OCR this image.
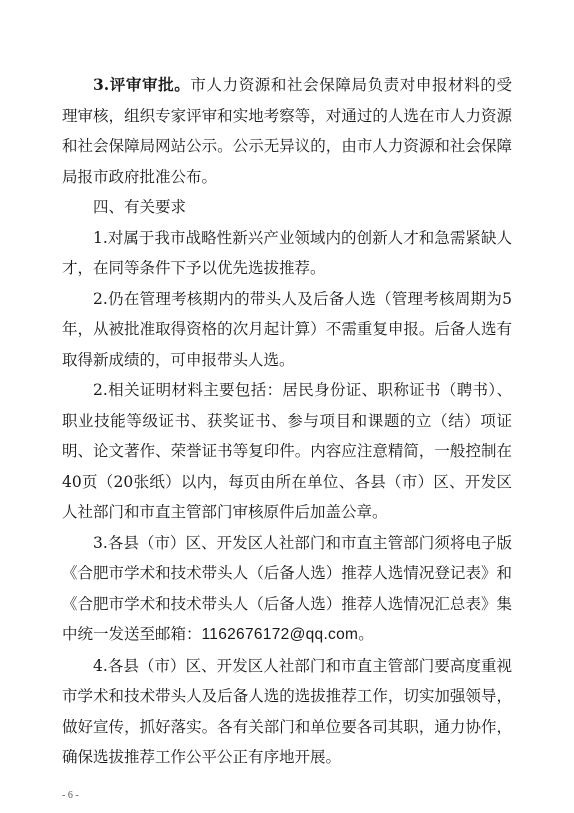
3.评审审批。市人力资源和社会保障局负责对申报材料的受理审核，组织专家评审和实地考察等，对通过的人选在市人力资源和社会保障局网站公示。公示无异议的，由市人力资源和社会保障局报市政府批准公布。

四、有关要求

1.对属于我市战略性新兴产业领域内的创新人才和急需紧缺人才，在同等条件下予以优先选拔推荐。

2.仍在管理考核期内的带头人及后备人选（管理考核周期为5年，从被批准取得资格的次月起计算）不需重复申报。后备人选有取得新成绩的，可申报带头人选。

2.相关证明材料主要包括：居民身份证、职称证书（聘书）、职业技能等级证书、获奖证书、参与项目和课题的立（结）项证明、论文著作、荣誉证书等复印件。内容应注意精简，一般控制在40页（20张纸）以内，每页由所在单位、各县（市）区、开发区人社部门和市直主管部门审核原件后加盖公章。

3.各县（市）区、开发区人社部门和市直主管部门须将电子版《合肥市学术和技术带头人（后备人选）推荐人选情况登记表》和《合肥市学术和技术带头人（后备人选）推荐人选情况汇总表》集中统一发送至邮箱：1162676172@qq.com。

4.各县（市）区、开发区人社部门和市直主管部门要高度重视市学术和技术带头人及后备人选的选拔推荐工作，切实加强领导，做好宣传，抓好落实。各有关部门和单位要各司其职，通力协作，确保选拔推荐工作公平公正有序地开展。

- 6 -
